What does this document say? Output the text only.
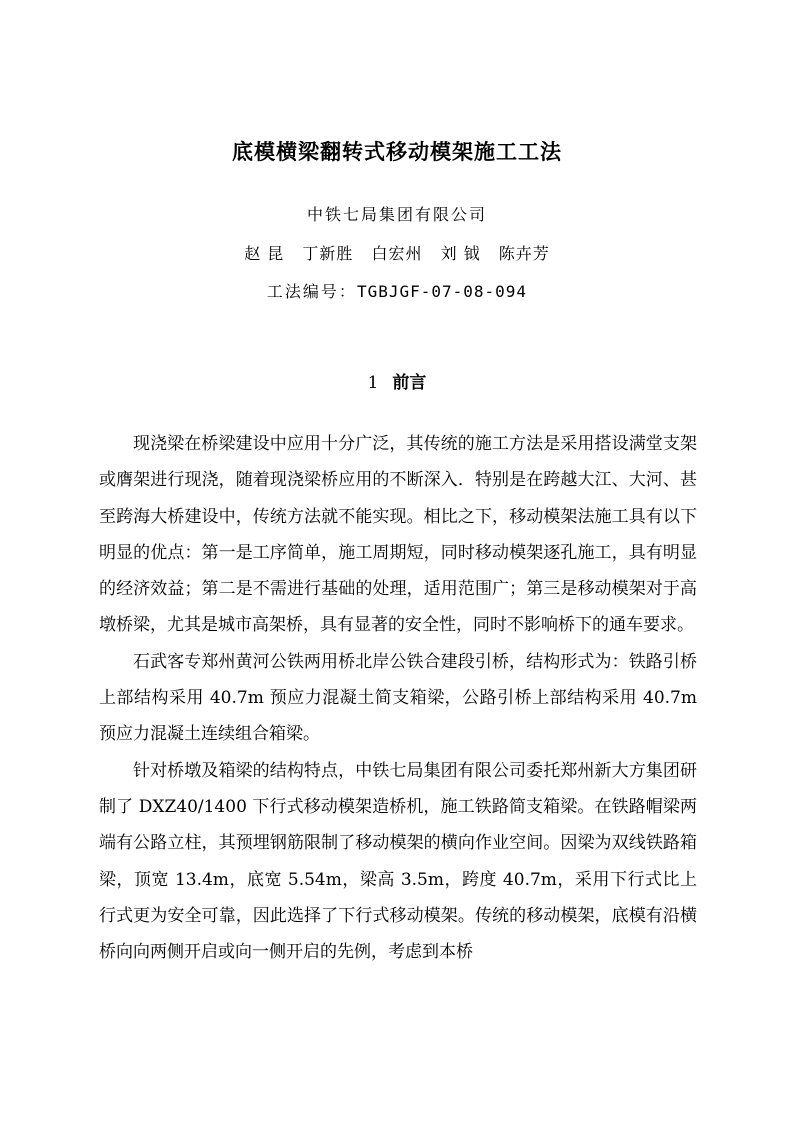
底模横梁翻转式移动模架施工工法
中铁七局集团有限公司
赵 昆 丁新胜 白宏州 刘 钺 陈卉芳
工法编号：TGBJGF-07-08-094
1 前言

现浇梁在桥梁建设中应用十分广泛，其传统的施工方法是采用搭设满堂支架或膺架进行现浇，随着现浇梁桥应用的不断深入．特别是在跨越大江、大河、甚至跨海大桥建设中，传统方法就不能实现。相比之下，移动模架法施工具有以下明显的优点：第一是工序简单，施工周期短，同时移动模架逐孔施工，具有明显的经济效益；第二是不需进行基础的处理，适用范围广；第三是移动模架对于高墩桥梁，尤其是城市高架桥，具有显著的安全性，同时不影响桥下的通车要求。

石武客专郑州黄河公铁两用桥北岸公铁合建段引桥，结构形式为：铁路引桥上部结构采用 40.7m 预应力混凝土简支箱梁，公路引桥上部结构采用 40.7m 预应力混凝土连续组合箱梁。

针对桥墩及箱梁的结构特点，中铁七局集团有限公司委托郑州新大方集团研制了 DXZ40/1400 下行式移动模架造桥机，施工铁路简支箱梁。在铁路帽梁两端有公路立柱，其预埋钢筋限制了移动模架的横向作业空间。因梁为双线铁路箱梁，顶宽 13.4m，底宽 5.54m，梁高 3.5m，跨度 40.7m，采用下行式比上行式更为安全可靠，因此选择了下行式移动模架。传统的移动模架，底模有沿横桥向向两侧开启或向一侧开启的先例，考虑到本桥
